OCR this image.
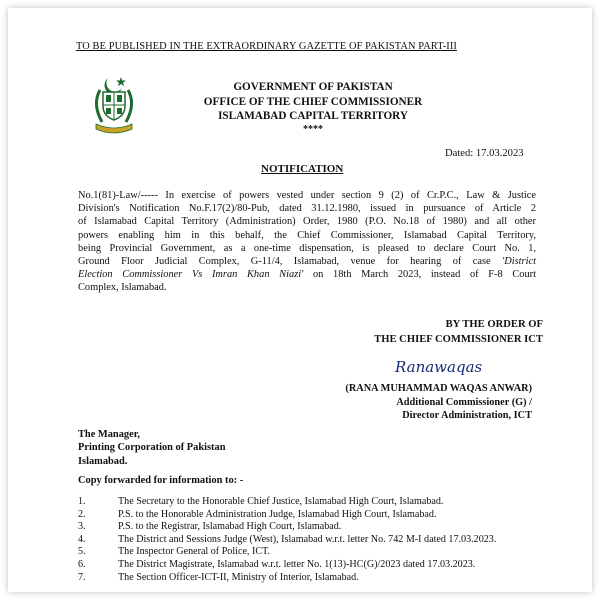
TO BE PUBLISHED IN THE EXTRAORDINARY GAZETTE OF PAKISTAN PART-III
GOVERNMENT OF PAKISTAN
OFFICE OF THE CHIEF COMMISSIONER
ISLAMABAD CAPITAL TERRITORY
****
Dated: 17.03.2023
NOTIFICATION
No.1(81)-Law/----- In exercise of powers vested under section 9 (2) of Cr.P.C., Law & Justice
Division's Notification No.F.17(2)/80-Pub, dated 31.12.1980, issued in pursuance of Article 2
of Islamabad Capital Territory (Administration) Order, 1980 (P.O. No.18 of 1980) and all other
powers enabling him in this behalf, the Chief Commissioner, Islamabad Capital Territory,
being Provincial Government, as a one-time dispensation, is pleased to declare Court No. 1,
Ground Floor Judicial Complex, G-11/4, Islamabad, venue for hearing of case 'District
Election Commissioner Vs Imran Khan Niazi' on 18th March 2023, instead of F-8 Court
Complex, Islamabad.
BY THE ORDER OF
THE CHIEF COMMISSIONER ICT
Ranawaqas
(RANA MUHAMMAD WAQAS ANWAR)
Additional Commissioner (G) /
Director Administration, ICT
The Manager,
Printing Corporation of Pakistan
Islamabad.
Copy forwarded for information to: -
1.	The Secretary to the Honorable Chief Justice, Islamabad High Court, Islamabad.
2.	P.S. to the Honorable Administration Judge, Islamabad High Court, Islamabad.
3.	P.S. to the Registrar, Islamabad High Court, Islamabad.
4.	The District and Sessions Judge (West), Islamabad w.r.t. letter No. 742 M-I dated 17.03.2023.
5.	The Inspector General of Police, ICT.
6.	The District Magistrate, Islamabad w.r.t. letter No. 1(13)-HC(G)/2023 dated 17.03.2023.
7.	The Section Officer-ICT-II, Ministry of Interior, Islamabad.
